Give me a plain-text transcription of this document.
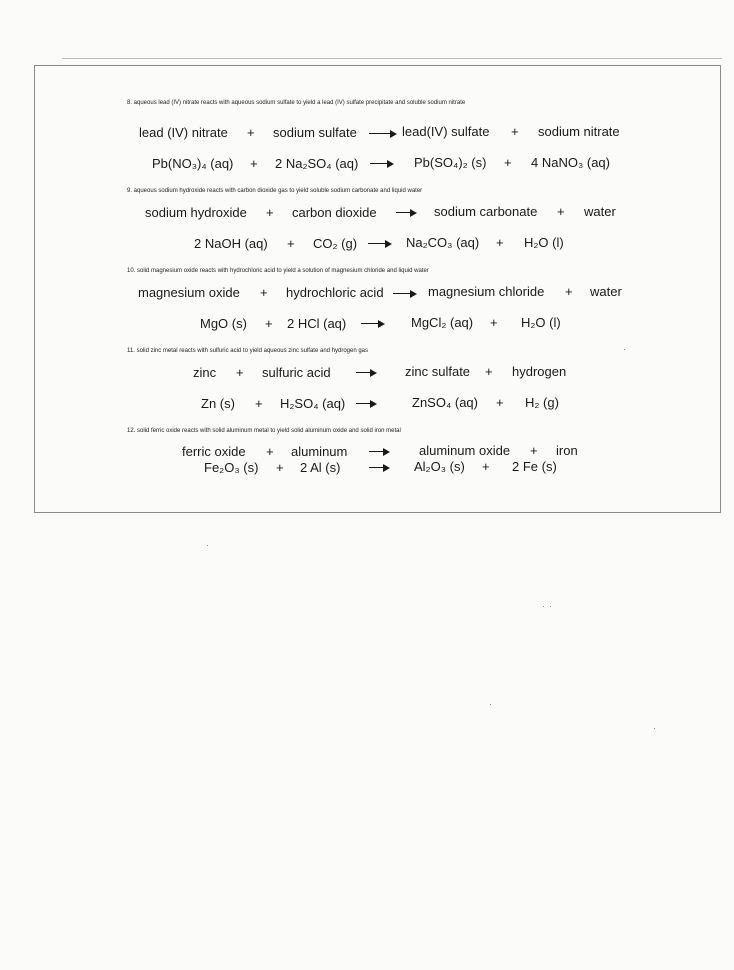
8. aqueous lead (IV) nitrate reacts with aqueous sodium sulfate to yield a lead (IV) sulfate precipitate and soluble sodium nitrate
lead (IV) nitrate + sodium sulfate	lead(IV) sulfate + sodium nitrate
Pb(NO₃)₄ (aq) + 2 Na₂SO₄ (aq)	Pb(SO₄)₂ (s) + 4 NaNO₃ (aq)
9. aqueous sodium hydroxide reacts with carbon dioxide gas to yield soluble sodium carbonate and liquid water
sodium hydroxide + carbon dioxide	sodium carbonate + water
2 NaOH (aq) + CO₂ (g)	Na₂CO₃ (aq) + H₂O (l)
10. solid magnesium oxide reacts with hydrochloric acid to yield a solution of magnesium chloride and liquid water
magnesium oxide + hydrochloric acid	magnesium chloride + water
MgO (s) + 2 HCl (aq)	MgCl₂ (aq) + H₂O (l)
11. solid zinc metal reacts with sulfuric acid to yield aqueous zinc sulfate and hydrogen gas
zinc + sulfuric acid	zinc sulfate + hydrogen
Zn (s) + H₂SO₄ (aq)	ZnSO₄ (aq) + H₂ (g)
12. solid ferric oxide reacts with solid aluminum metal to yield solid aluminum oxide and solid iron metal
ferric oxide + aluminum	aluminum oxide + iron
Fe₂O₃ (s) + 2 Al (s)	Al₂O₃ (s) + 2 Fe (s)
